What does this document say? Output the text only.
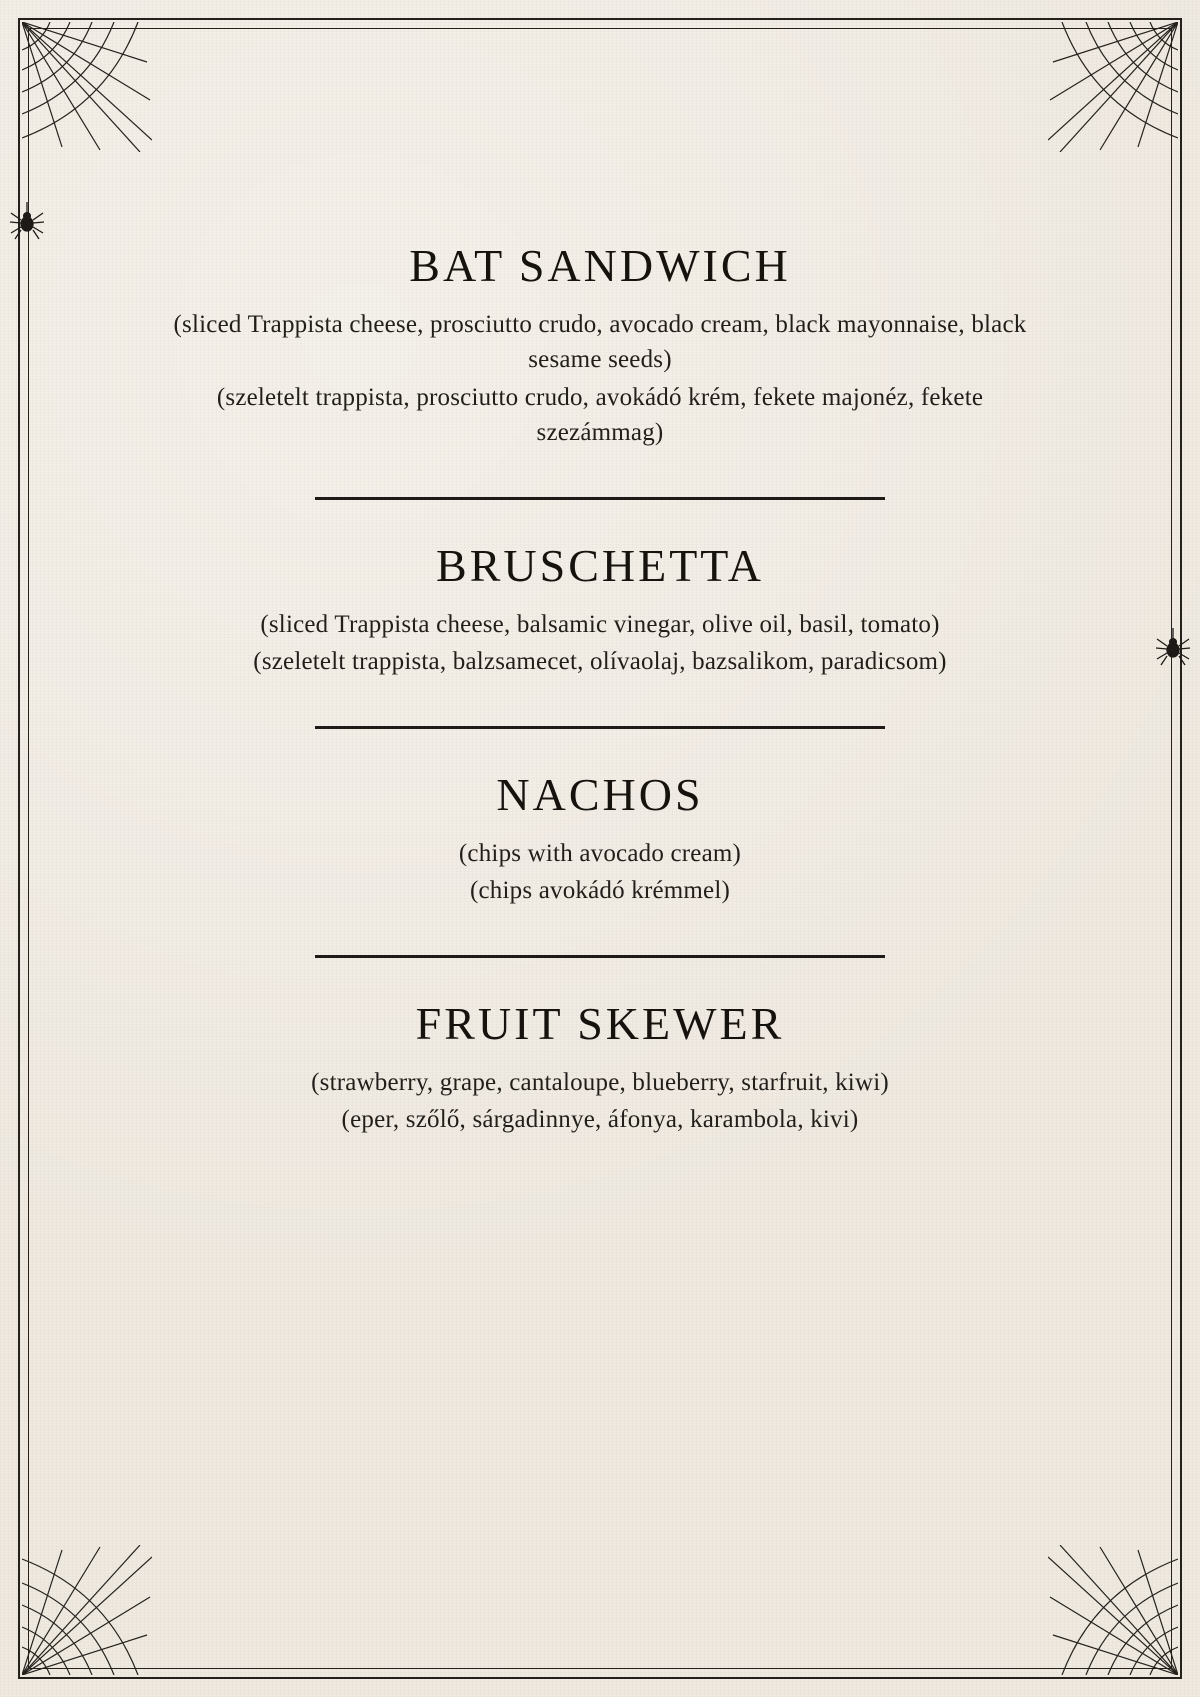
BAT SANDWICH

(sliced Trappista cheese, prosciutto crudo, avocado cream, black mayonnaise, black sesame seeds)

(szeletelt trappista, prosciutto crudo, avokádó krém, fekete majonéz, fekete szezámmag)

BRUSCHETTA

(sliced Trappista cheese, balsamic vinegar, olive oil, basil, tomato)

(szeletelt trappista, balzsamecet, olívaolaj, bazsalikom, paradicsom)

NACHOS

(chips with avocado cream)

(chips avokádó krémmel)

FRUIT SKEWER

(strawberry, grape, cantaloupe, blueberry, starfruit, kiwi)

(eper, szőlő, sárgadinnye, áfonya, karambola, kivi)
